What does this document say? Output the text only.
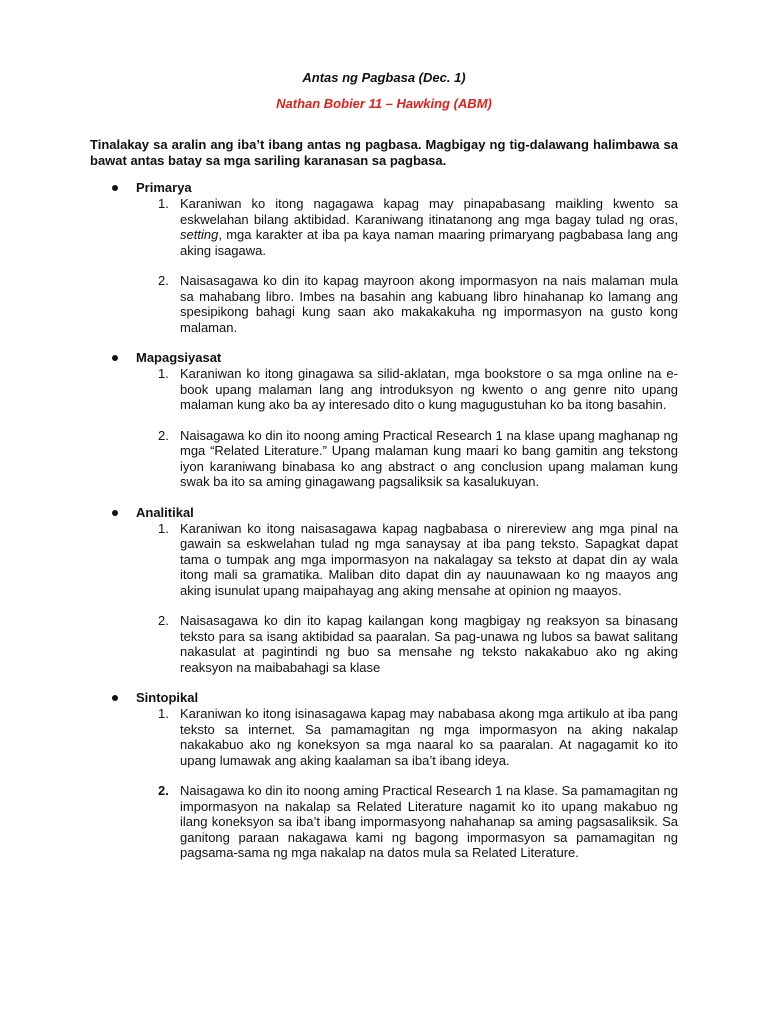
Antas ng Pagbasa (Dec. 1)

Nathan Bobier 11 – Hawking (ABM)

Tinalakay sa aralin ang iba’t ibang antas ng pagbasa. Magbigay ng tig-dalawang halimbawa sa bawat antas batay sa mga sariling karanasan sa pagbasa.

Primarya
1. Karaniwan ko itong nagagawa kapag may pinapabasang maikling kwento sa eskwelahan bilang aktibidad. Karaniwang itinatanong ang mga bagay tulad ng oras, setting, mga karakter at iba pa kaya naman maaring primaryang pagbabasa lang ang aking isagawa.
2. Naisasagawa ko din ito kapag mayroon akong impormasyon na nais malaman mula sa mahabang libro. Imbes na basahin ang kabuang libro hinahanap ko lamang ang spesipikong bahagi kung saan ako makakakuha ng impormasyon na gusto kong malaman.
Mapagsiyasat
1. Karaniwan ko itong ginagawa sa silid-aklatan, mga bookstore o sa mga online na e-book upang malaman lang ang introduksyon ng kwento o ang genre nito upang malaman kung ako ba ay interesado dito o kung magugustuhan ko ba itong basahin.
2. Naisagawa ko din ito noong aming Practical Research 1 na klase upang maghanap ng mga “Related Literature.” Upang malaman kung maari ko bang gamitin ang tekstong iyon karaniwang binabasa ko ang abstract o ang conclusion upang malaman kung swak ba ito sa aming ginagawang pagsaliksik sa kasalukuyan.
Analitikal
1. Karaniwan ko itong naisasagawa kapag nagbabasa o nirereview ang mga pinal na gawain sa eskwelahan tulad ng mga sanaysay at iba pang teksto. Sapagkat dapat tama o tumpak ang mga impormasyon na nakalagay sa teksto at dapat din ay wala itong mali sa gramatika. Maliban dito dapat din ay nauunawaan ko ng maayos ang aking isunulat upang maipahayag ang aking mensahe at opinion ng maayos.
2. Naisasagawa ko din ito kapag kailangan kong magbigay ng reaksyon sa binasang teksto para sa isang aktibidad sa paaralan. Sa pag-unawa ng lubos sa bawat salitang nakasulat at pagintindi ng buo sa mensahe ng teksto nakakabuo ako ng aking reaksyon na maibabahagi sa klase
Sintopikal
1. Karaniwan ko itong isinasagawa kapag may nababasa akong mga artikulo at iba pang teksto sa internet. Sa pamamagitan ng mga impormasyon na aking nakalap nakakabuo ako ng koneksyon sa mga naaral ko sa paaralan. At nagagamit ko ito upang lumawak ang aking kaalaman sa iba’t ibang ideya.
2. Naisagawa ko din ito noong aming Practical Research 1 na klase. Sa pamamagitan ng impormasyon na nakalap sa Related Literature nagamit ko ito upang makabuo ng ilang koneksyon sa iba’t ibang impormasyong nahahanap sa aming pagsasaliksik. Sa ganitong paraan nakagawa kami ng bagong impormasyon sa pamamagitan ng pagsama-sama ng mga nakalap na datos mula sa Related Literature.
